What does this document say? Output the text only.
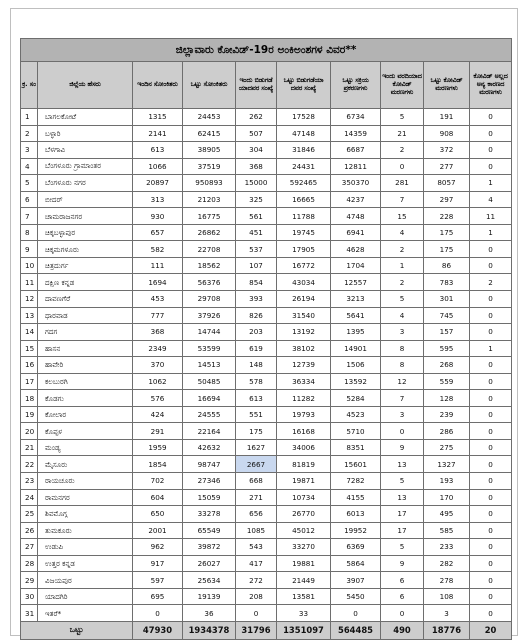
ಜಿಲ್ಲಾವಾರು ಕೋವಿಡ್-19ರ ಅಂಕಿಅಂಶಗಳ ವಿವರ**									
ಕ್ರ. ಸಂ	ಜಿಲ್ಲೆಯ ಹೆಸರು	ಇಂದಿನ ಸೋಂಕಿತರು	ಒಟ್ಟು ಸೋಂಕಿತರು	ಇಂದು ಬಿಡುಗಡೆ ಯಾದವರ ಸಂಖ್ಯೆ	ಒಟ್ಟು ಬಿಡುಗಡೆಯಾ ದವರ ಸಂಖ್ಯೆ	ಒಟ್ಟು ಸಕ್ರಿಯ ಪ್ರಕರಣಗಳು	ಇಂದು ವರದಿಯಾದ ಕೋವಿಡ್ ಮರಣಗಳು	ಒಟ್ಟು ಕೋವಿಡ್ ಮರಣಗಳು	ಕೋವಿಡ್ ಅಲ್ಲದ ಅನ್ಯ ಕಾರಣದ ಮರಣಗಳು
1	ಬಾಗಲಕೋಟೆ	1315	24453	262	17528	6734	5	191	0
2	ಬಳ್ಳಾರಿ	2141	62415	507	47148	14359	21	908	0
3	ಬೆಳಗಾವಿ	613	38905	304	31846	6687	2	372	0
4	ಬೆಂಗಳೂರು ಗ್ರಾಮಾಂತರ	1066	37519	368	24431	12811	0	277	0
5	ಬೆಂಗಳೂರು ನಗರ	20897	950893	15000	592465	350370	281	8057	1
6	ಬೀದರ್	313	21203	325	16665	4237	7	297	4
7	ಚಾಮರಾಜನಗರ	930	16775	561	11788	4748	15	228	11
8	ಚಿಕ್ಕಬಳ್ಳಾಪುರ	657	26862	451	19745	6941	4	175	1
9	ಚಿಕ್ಕಮಗಳೂರು	582	22708	537	17905	4628	2	175	0
10	ಚಿತ್ರದುರ್ಗ	111	18562	107	16772	1704	1	86	0
11	ದಕ್ಷಿಣ ಕನ್ನಡ	1694	56376	854	43034	12557	2	783	2
12	ದಾವಣಗೆರೆ	453	29708	393	26194	3213	5	301	0
13	ಧಾರವಾಡ	777	37926	826	31540	5641	4	745	0
14	ಗದಗ	368	14744	203	13192	1395	3	157	0
15	ಹಾಸನ	2349	53599	619	38102	14901	8	595	1
16	ಹಾವೇರಿ	370	14513	148	12739	1506	8	268	0
17	ಕಲಬುರಗಿ	1062	50485	578	36334	13592	12	559	0
18	ಕೊಡಗು	576	16694	613	11282	5284	7	128	0
19	ಕೋಲಾರ	424	24555	551	19793	4523	3	239	0
20	ಕೊಪ್ಪಳ	291	22164	175	16168	5710	0	286	0
21	ಮಂಡ್ಯ	1959	42632	1627	34006	8351	9	275	0
22	ಮೈಸೂರು	1854	98747	2667	81819	15601	13	1327	0
23	ರಾಯಚೂರು	702	27346	668	19871	7282	5	193	0
24	ರಾಮನಗರ	604	15059	271	10734	4155	13	170	0
25	ಶಿವಮೊಗ್ಗ	650	33278	656	26770	6013	17	495	0
26	ತುಮಕೂರು	2001	65549	1085	45012	19952	17	585	0
27	ಉಡುಪಿ	962	39872	543	33270	6369	5	233	0
28	ಉತ್ತರ ಕನ್ನಡ	917	26027	417	19881	5864	9	282	0
29	ವಿಜಯಪುರ	597	25634	272	21449	3907	6	278	0
30	ಯಾದಗಿರಿ	695	19139	208	13581	5450	6	108	0
31	ಇತರೆ*	0	36	0	33	0	0	3	0
ಒಟ್ಟು		47930	1934378	31796	1351097	564485	490	18776	20
